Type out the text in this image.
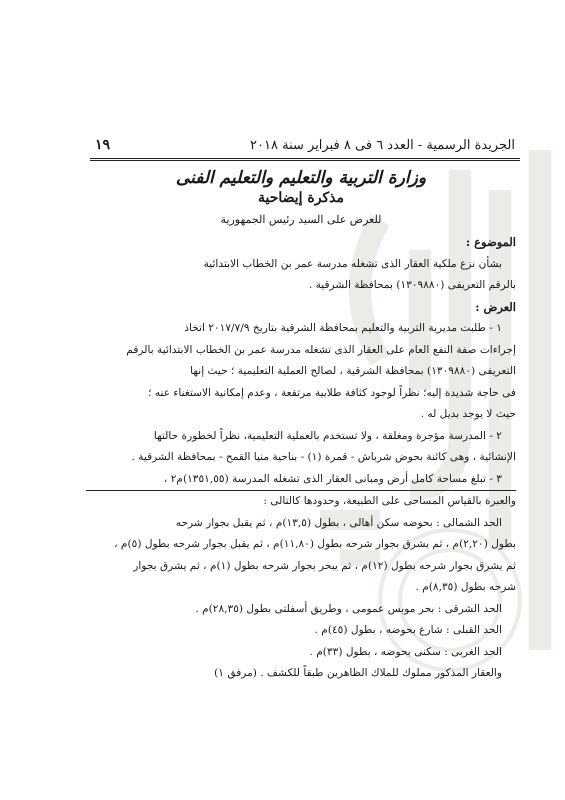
١٩	الجريدة الرسمية - العدد ٦ فى ٨ فبراير سنة ٢٠١٨
وزارة التربية والتعليم والتعليم الفنى
مذكرة إيضاحية
للعرض على السيد رئيس الجمهورية
الموضوع :

بشأن نزع ملكية العقار الذى تشغله مدرسة عمر بن الخطاب الابتدائية

بالرقم التعريفى (١٣٠٩٨٨٠) بمحافظة الشرقية .

العرض :

١ - طلبت مديرية التربية والتعليم بمحافظة الشرقية بتاريخ ٢٠١٧/٧/٩ اتخاذ

إجراءات صفة النفع العام على العقار الذى تشغله مدرسة عمر بن الخطاب الابتدائية بالرقم

التعريفى (١٣٠٩٨٨٠) بمحافظة الشرقية ، لصالح العملية التعليمية ؛ حيث إنها

فى حاجة شديدة إليه؛ نظراً لوجود كثافة طلابية مرتفعة ، وعدم إمكانية الاستغناء عنه ؛

حيث لا يوجد بديل له .

٢ - المدرسة مؤجرة ومغلقة ، ولا تستخدم بالعملية التعليمية، نظراً لخطورة حالتها

الإنشائية ، وهى كائنة بحوض شرباش - قمرة (١) - بناحية منيا القمح - بمحافظة الشرقية .

٣ - تبلغ مساحة كامل أرض ومبانى العقار الذى تشغله المدرسة (١٣٥١,٥٥)م٢ ،

والعبرة بالقياس المساحى على الطبيعة، وحدودها كالتالى :

الحد الشمالى : بحوضه سكن أهالى ، بطول (١٣,٥)م ، ثم يقبل بجوار شرحه

بطول (٢,٢٠)م ، ثم يشرق بجوار شرحه بطول (١١,٨٠)م ، ثم يقبل بجوار شرحه بطول (٥)م ،

ثم يشرق بجوار شرحه بطول (١٢)م ، ثم يبحر بجوار شرحه بطول (١)م ، ثم يشرق بجوار

شرحه بطول (٨,٣٥)م .

الحد الشرقى : بحر موبس عمومى ، وطريق أسفلتى بطول (٢٨,٣٥)م .

الحد القبلى : شارع بحوضه ، بطول (٤٥)م .

الحد الغربى : سكنى بحوضه ، بطول (٣٣)م .

والعقار المذكور مملوك للملاك الظاهرين طبقاً للكشف . (مرفق ١)
